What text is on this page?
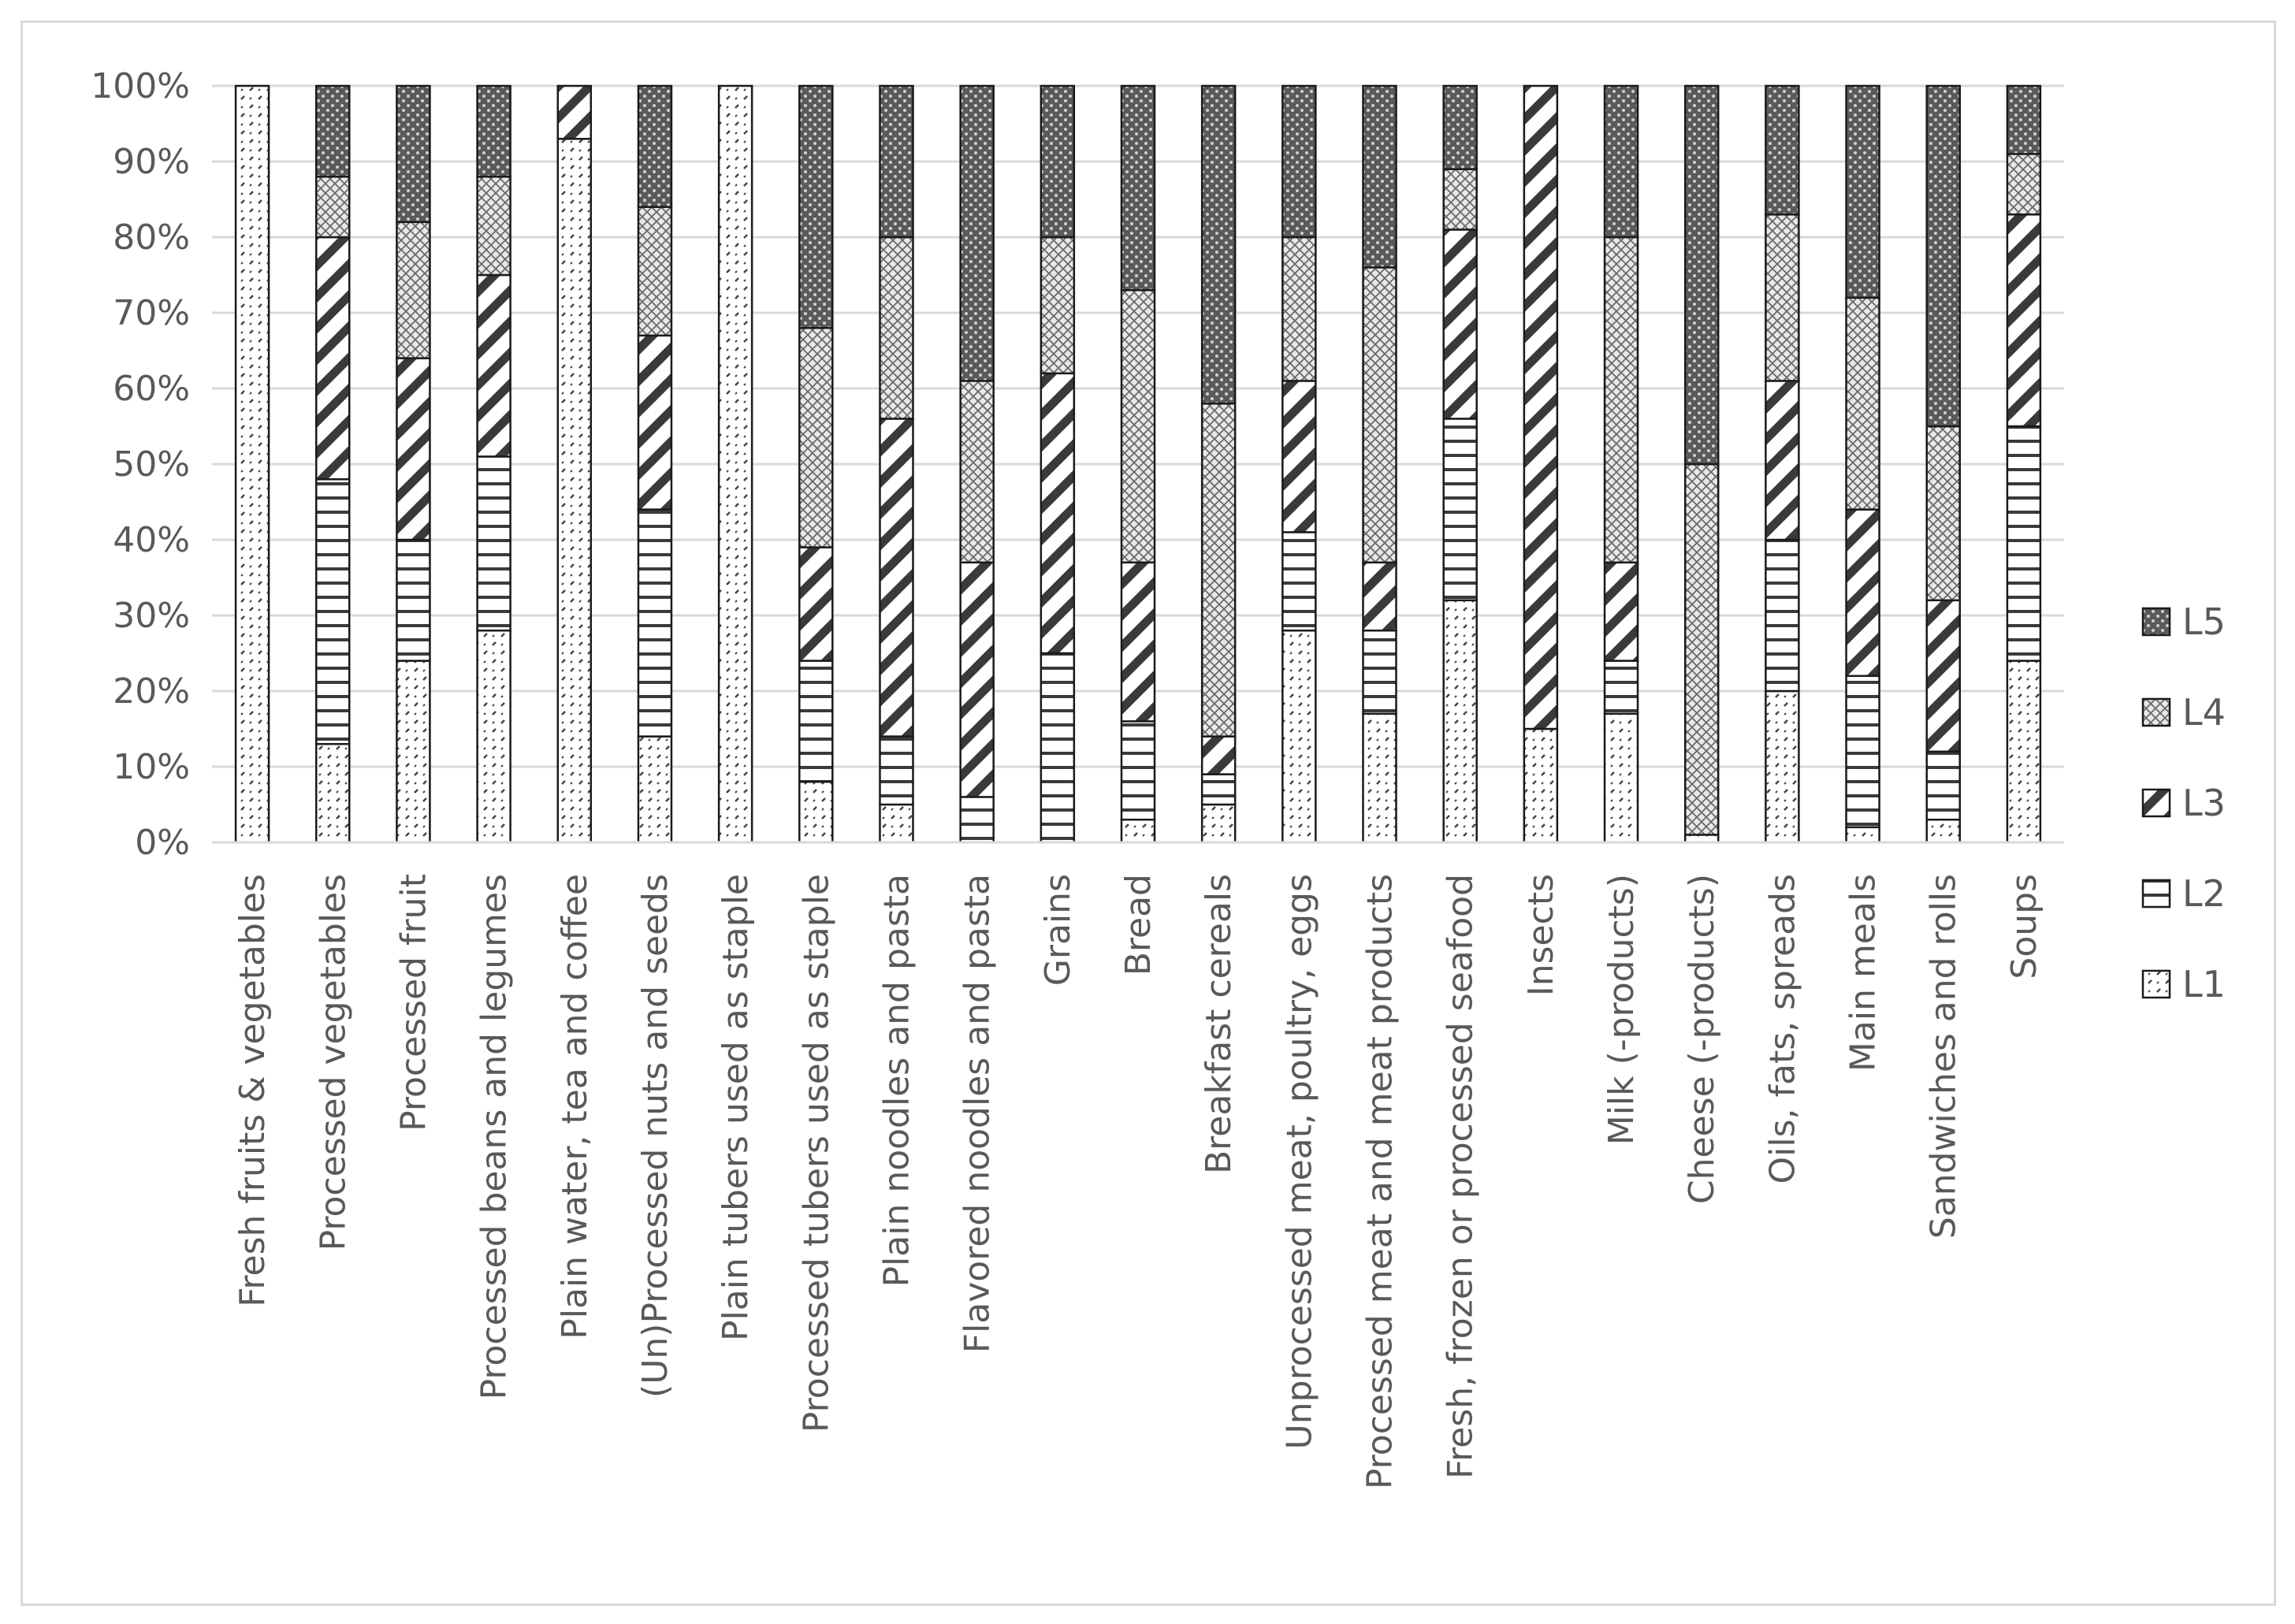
0%
10%
20%
30%
40%
50%
60%
70%
80%
90%
100%
Fresh fruits & vegetables Processed vegetables Processed fruit Processed beans and legumes Plain water, tea and coffee (Un)Processed nuts and seeds Plain tubers used as staple Processed tubers used as staple Plain noodles and pasta Flavored noodles and pasta Grains Bread Breakfast cereals Unprocessed meat, poultry, eggs Processed meat and meat products Fresh, frozen or processed seafood Insects Milk (-products) Cheese (-products) Oils, fats, spreads Main meals Sandwiches and rolls Soups
L5
L4
L3
L2
L1
